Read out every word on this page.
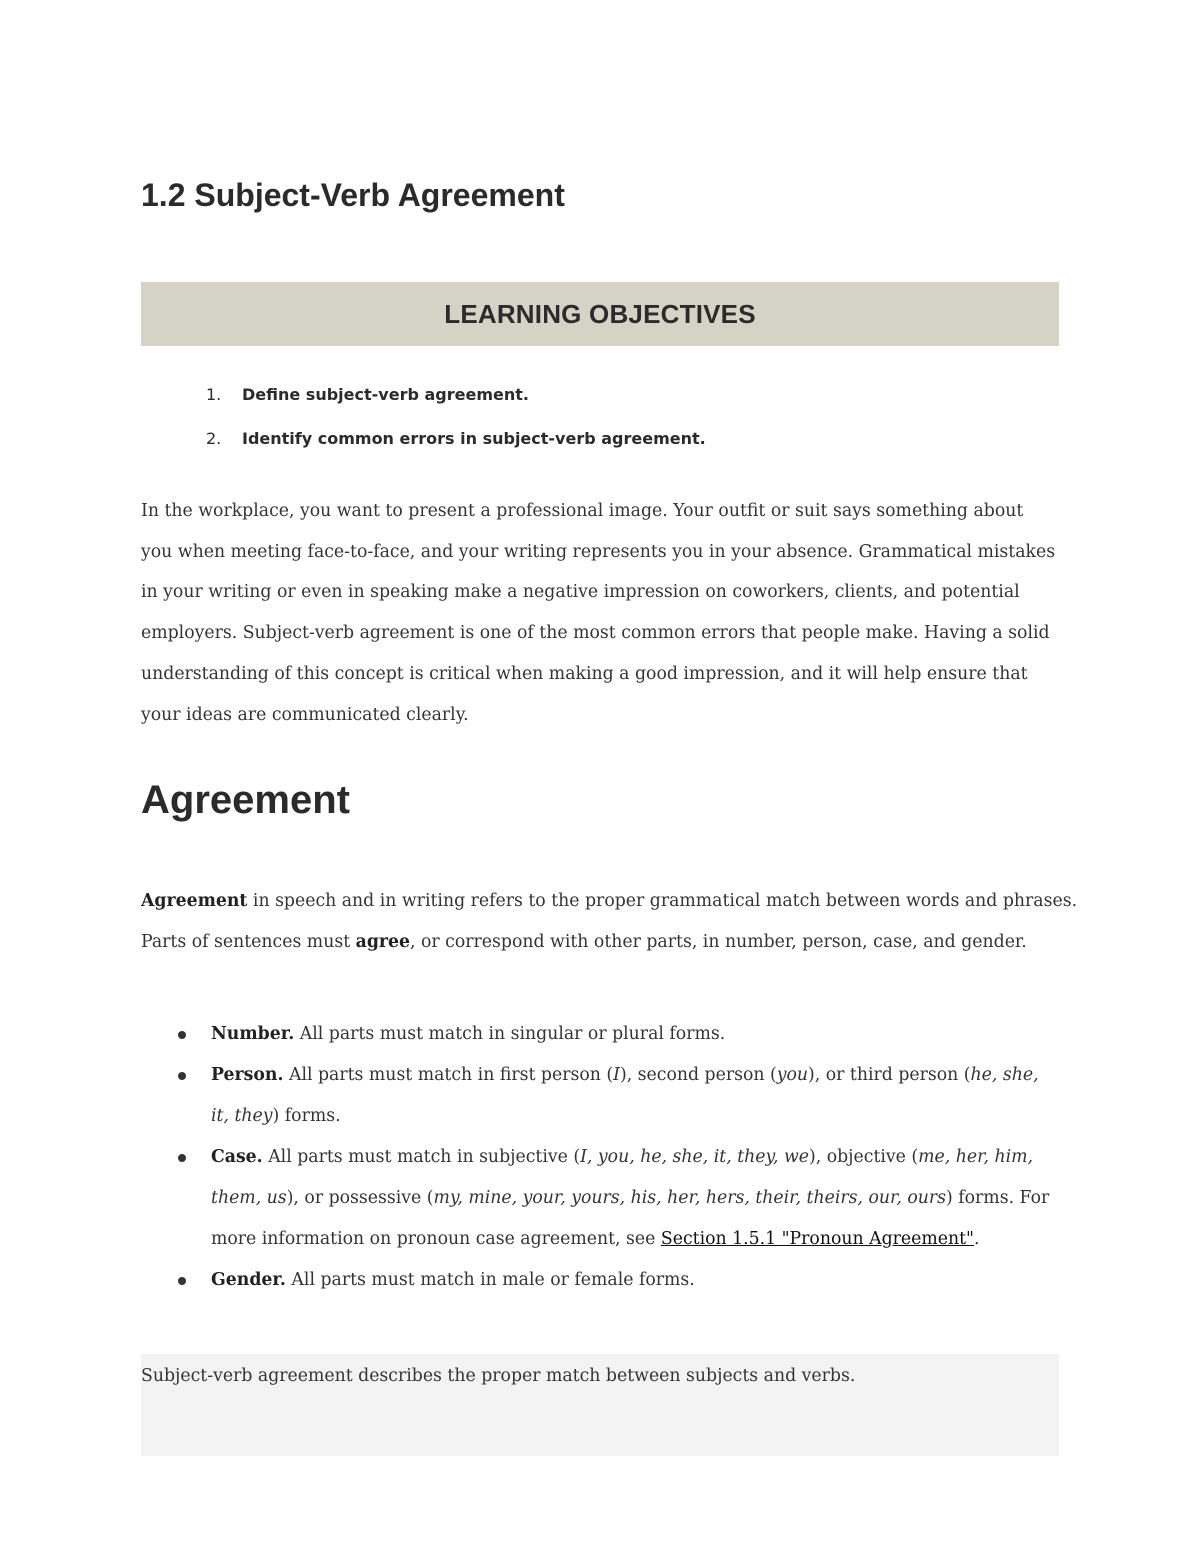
1.2 Subject-Verb Agreement
LEARNING OBJECTIVES
1. Define subject-verb agreement.
2. Identify common errors in subject-verb agreement.

In the workplace, you want to present a professional image. Your outfit or suit says something about you when meeting face-to-face, and your writing represents you in your absence. Grammatical mistakes in your writing or even in speaking make a negative impression on coworkers, clients, and potential employers. Subject-verb agreement is one of the most common errors that people make. Having a solid understanding of this concept is critical when making a good impression, and it will help ensure that your ideas are communicated clearly.

Agreement

Agreement in speech and in writing refers to the proper grammatical match between words and phrases.
Parts of sentences must agree, or correspond with other parts, in number, person, case, and gender.

Number. All parts must match in singular or plural forms.
Person. All parts must match in first person (I), second person (you), or third person (he, she, it, they) forms.
Case. All parts must match in subjective (I, you, he, she, it, they, we), objective (me, her, him, them, us), or possessive (my, mine, your, yours, his, her, hers, their, theirs, our, ours) forms. For more information on pronoun case agreement, see Section 1.5.1 "Pronoun Agreement".
Gender. All parts must match in male or female forms.

Subject-verb agreement describes the proper match between subjects and verbs.
